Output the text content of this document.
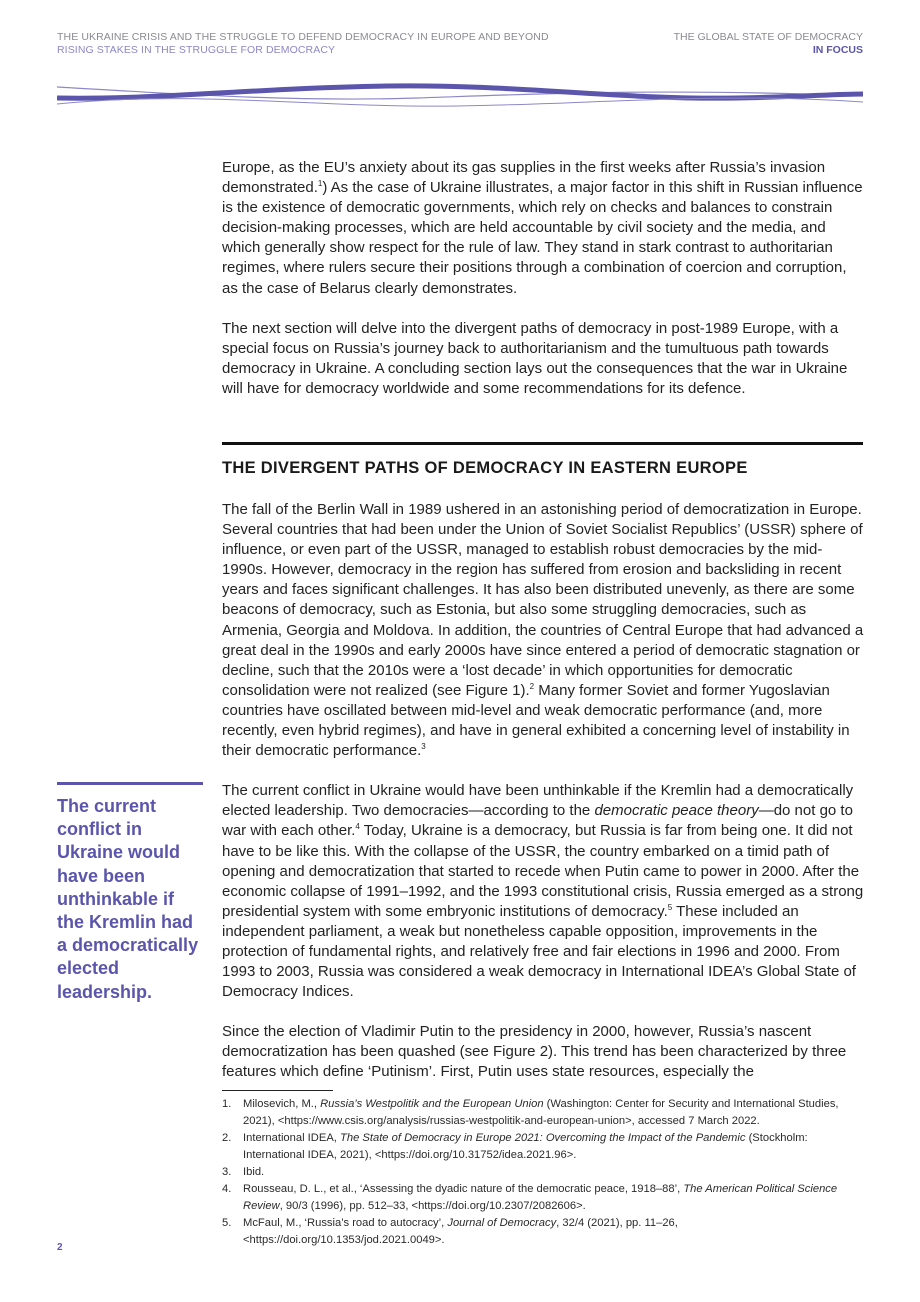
THE UKRAINE CRISIS AND THE STRUGGLE TO DEFEND DEMOCRACY IN EUROPE AND BEYOND
RISING STAKES IN THE STRUGGLE FOR DEMOCRACY
THE GLOBAL STATE OF DEMOCRACY
IN FOCUS

Europe, as the EU’s anxiety about its gas supplies in the first weeks after Russia’s invasion demonstrated.$^1$) As the case of Ukraine illustrates, a major factor in this shift in Russian influence is the existence of democratic governments, which rely on checks and balances to constrain decision-making processes, which are held accountable by civil society and the media, and which generally show respect for the rule of law. They stand in stark contrast to authoritarian regimes, where rulers secure their positions through a combination of coercion and corruption, as the case of Belarus clearly demonstrates.

The next section will delve into the divergent paths of democracy in post-1989 Europe, with a special focus on Russia’s journey back to authoritarianism and the tumultuous path towards democracy in Ukraine. A concluding section lays out the consequences that the war in Ukraine will have for democracy worldwide and some recommendations for its defence.

THE DIVERGENT PATHS OF DEMOCRACY IN EASTERN EUROPE

The fall of the Berlin Wall in 1989 ushered in an astonishing period of democratization in Europe. Several countries that had been under the Union of Soviet Socialist Republics’ (USSR) sphere of influence, or even part of the USSR, managed to establish robust democracies by the mid-1990s. However, democracy in the region has suffered from erosion and backsliding in recent years and faces significant challenges. It has also been distributed unevenly, as there are some beacons of democracy, such as Estonia, but also some struggling democracies, such as Armenia, Georgia and Moldova. In addition, the countries of Central Europe that had advanced a great deal in the 1990s and early 2000s have since entered a period of democratic stagnation or decline, such that the 2010s were a ‘lost decade’ in which opportunities for democratic consolidation were not realized (see Figure 1).$^2$ Many former Soviet and former Yugoslavian countries have oscillated between mid-level and weak democratic performance (and, more recently, even hybrid regimes), and have in general exhibited a concerning level of instability in their democratic performance.$^3$

The current conflict in Ukraine would have been unthinkable if the Kremlin had a democratically elected leadership. Two democracies—according to the democratic peace theory—do not go to war with each other.$^4$ Today, Ukraine is a democracy, but Russia is far from being one. It did not have to be like this. With the collapse of the USSR, the country embarked on a timid path of opening and democratization that started to recede when Putin came to power in 2000. After the economic collapse of 1991–1992, and the 1993 constitutional crisis, Russia emerged as a strong presidential system with some embryonic institutions of democracy.$^5$ These included an independent parliament, a weak but nonetheless capable opposition, improvements in the protection of fundamental rights, and relatively free and fair elections in 1996 and 2000. From 1993 to 2003, Russia was considered a weak democracy in International IDEA’s Global State of Democracy Indices.

Since the election of Vladimir Putin to the presidency in 2000, however, Russia’s nascent democratization has been quashed (see Figure 2). This trend has been characterized by three features which define ‘Putinism’. First, Putin uses state resources, especially the

The current conflict in Ukraine would have been unthinkable if the Kremlin had a democratically elected leadership.

1. Milosevich, M., Russia’s Westpolitik and the European Union (Washington: Center for Security and International Studies, 2021), <https://www.csis.org/analysis/russias-westpolitik-and-european-union>, accessed 7 March 2022.
2. International IDEA, The State of Democracy in Europe 2021: Overcoming the Impact of the Pandemic (Stockholm: International IDEA, 2021), <https://doi.org/10.31752/idea.2021.96>.
3. Ibid.
4. Rousseau, D. L., et al., ‘Assessing the dyadic nature of the democratic peace, 1918–88’, The American Political Science Review, 90/3 (1996), pp. 512–33, <https://doi.org/10.2307/2082606>.
5. McFaul, M., ‘Russia’s road to autocracy’, Journal of Democracy, 32/4 (2021), pp. 11–26, <https://doi.org/10.1353/jod.2021.0049>.
2
